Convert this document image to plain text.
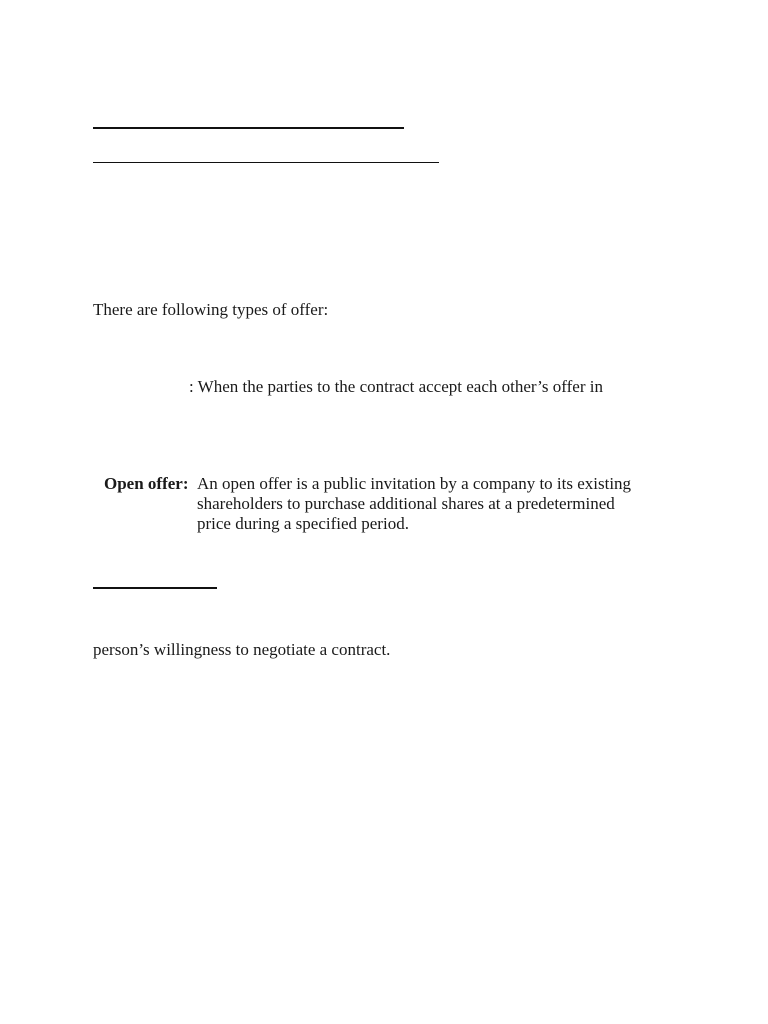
There are following types of offer:
: When the parties to the contract accept each other’s offer in
Open offer: An open offer is a public invitation by a company to its existing
shareholders to purchase additional shares at a predetermined
price during a specified period.
person’s willingness to negotiate a contract.
